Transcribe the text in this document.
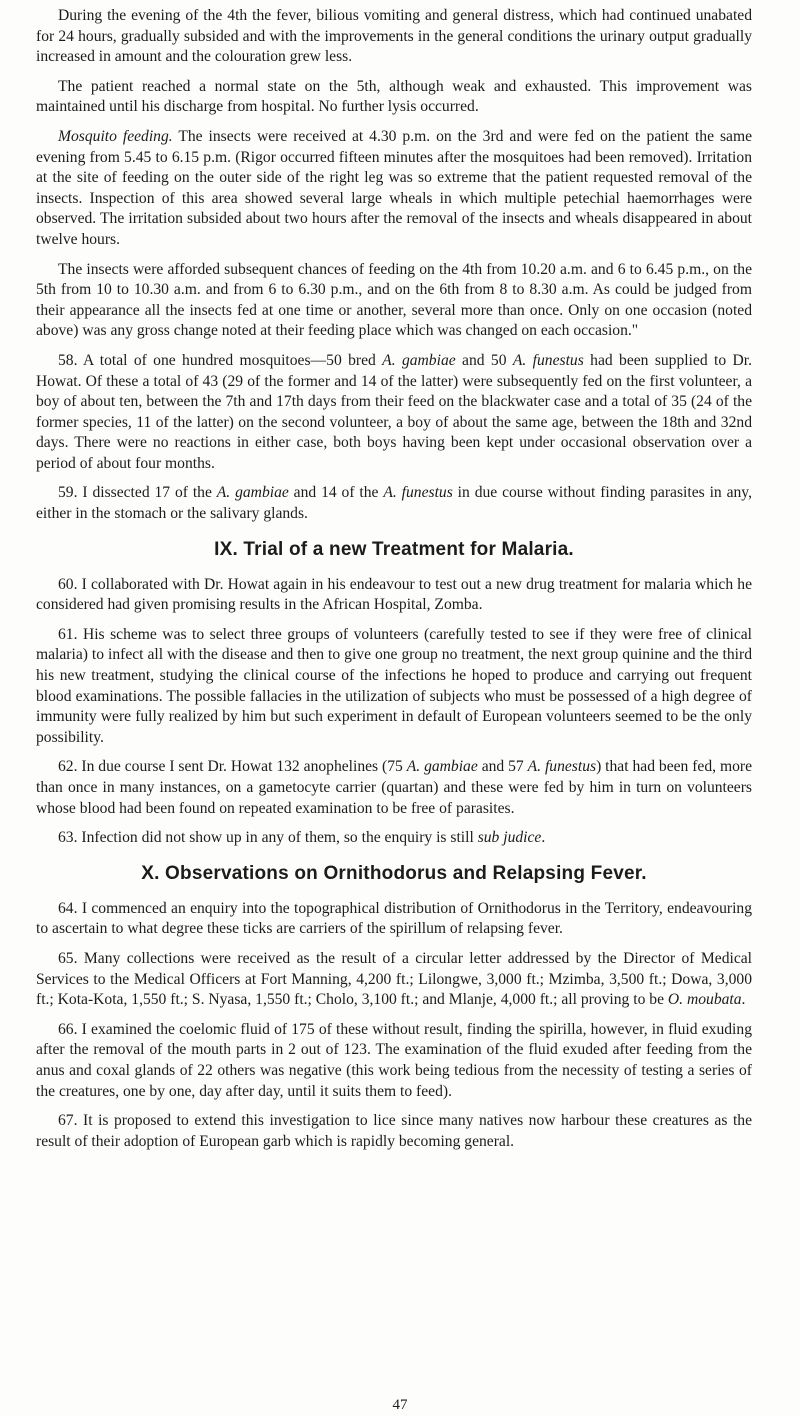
During the evening of the 4th the fever, bilious vomiting and general distress, which had continued unabated for 24 hours, gradually subsided and with the improvements in the general conditions the urinary output gradually increased in amount and the colouration grew less.

The patient reached a normal state on the 5th, although weak and exhausted. This improvement was maintained until his discharge from hospital. No further lysis occurred.

Mosquito feeding. The insects were received at 4.30 p.m. on the 3rd and were fed on the patient the same evening from 5.45 to 6.15 p.m. (Rigor occurred fifteen minutes after the mosquitoes had been removed). Irritation at the site of feeding on the outer side of the right leg was so extreme that the patient requested removal of the insects. Inspection of this area showed several large wheals in which multiple petechial haemorrhages were observed. The irritation subsided about two hours after the removal of the insects and wheals disappeared in about twelve hours.

The insects were afforded subsequent chances of feeding on the 4th from 10.20 a.m. and 6 to 6.45 p.m., on the 5th from 10 to 10.30 a.m. and from 6 to 6.30 p.m., and on the 6th from 8 to 8.30 a.m. As could be judged from their appearance all the insects fed at one time or another, several more than once. Only on one occasion (noted above) was any gross change noted at their feeding place which was changed on each occasion."

58. A total of one hundred mosquitoes—50 bred A. gambiae and 50 A. funestus had been supplied to Dr. Howat. Of these a total of 43 (29 of the former and 14 of the latter) were subsequently fed on the first volunteer, a boy of about ten, between the 7th and 17th days from their feed on the blackwater case and a total of 35 (24 of the former species, 11 of the latter) on the second volunteer, a boy of about the same age, between the 18th and 32nd days. There were no reactions in either case, both boys having been kept under occasional observation over a period of about four months.

59. I dissected 17 of the A. gambiae and 14 of the A. funestus in due course without finding parasites in any, either in the stomach or the salivary glands.

IX. Trial of a new Treatment for Malaria.

60. I collaborated with Dr. Howat again in his endeavour to test out a new drug treatment for malaria which he considered had given promising results in the African Hospital, Zomba.

61. His scheme was to select three groups of volunteers (carefully tested to see if they were free of clinical malaria) to infect all with the disease and then to give one group no treatment, the next group quinine and the third his new treatment, studying the clinical course of the infections he hoped to produce and carrying out frequent blood examinations. The possible fallacies in the utilization of subjects who must be possessed of a high degree of immunity were fully realized by him but such experiment in default of European volunteers seemed to be the only possibility.

62. In due course I sent Dr. Howat 132 anophelines (75 A. gambiae and 57 A. funestus) that had been fed, more than once in many instances, on a gametocyte carrier (quartan) and these were fed by him in turn on volunteers whose blood had been found on repeated examination to be free of parasites.

63. Infection did not show up in any of them, so the enquiry is still sub judice.

X. Observations on Ornithodorus and Relapsing Fever.

64. I commenced an enquiry into the topographical distribution of Ornithodorus in the Territory, endeavouring to ascertain to what degree these ticks are carriers of the spirillum of relapsing fever.

65. Many collections were received as the result of a circular letter addressed by the Director of Medical Services to the Medical Officers at Fort Manning, 4,200 ft.; Lilongwe, 3,000 ft.; Mzimba, 3,500 ft.; Dowa, 3,000 ft.; Kota-Kota, 1,550 ft.; S. Nyasa, 1,550 ft.; Cholo, 3,100 ft.; and Mlanje, 4,000 ft.; all proving to be O. moubata.

66. I examined the coelomic fluid of 175 of these without result, finding the spirilla, however, in fluid exuding after the removal of the mouth parts in 2 out of 123. The examination of the fluid exuded after feeding from the anus and coxal glands of 22 others was negative (this work being tedious from the necessity of testing a series of the creatures, one by one, day after day, until it suits them to feed).

67. It is proposed to extend this investigation to lice since many natives now harbour these creatures as the result of their adoption of European garb which is rapidly becoming general.

47
